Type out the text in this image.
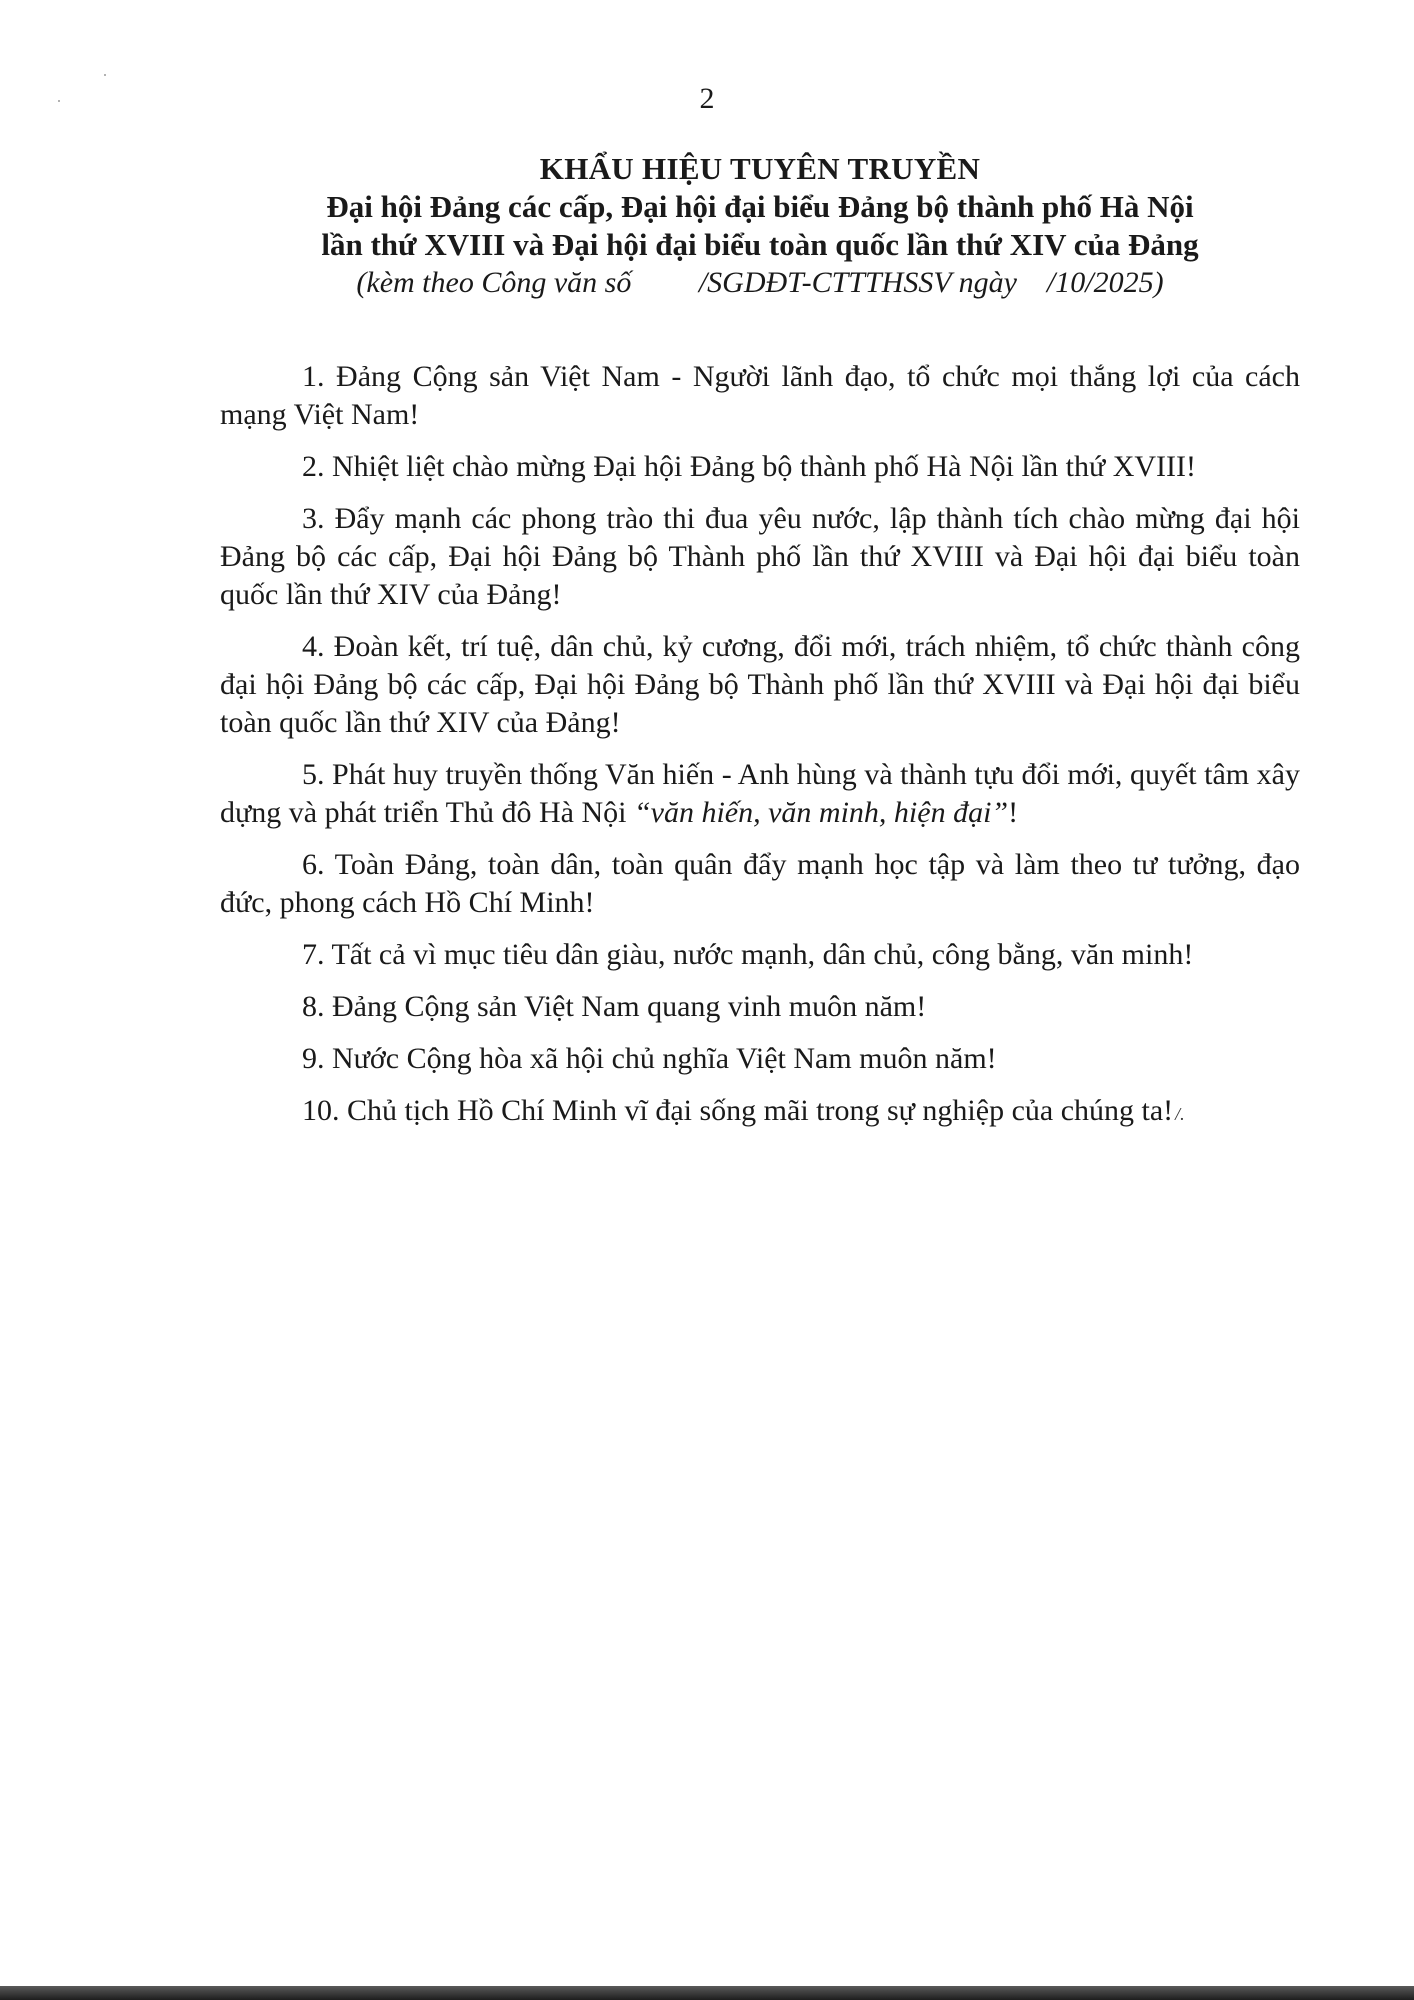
2
KHẨU HIỆU TUYÊN TRUYỀN
Đại hội Đảng các cấp, Đại hội đại biểu Đảng bộ thành phố Hà Nội
lần thứ XVIII và Đại hội đại biểu toàn quốc lần thứ XIV của Đảng
(kèm theo Công văn số         /SGDĐT-CTTTHSSV ngày    /10/2025)

1. Đảng Cộng sản Việt Nam - Người lãnh đạo, tổ chức mọi thắng lợi của cách mạng Việt Nam!

2. Nhiệt liệt chào mừng Đại hội Đảng bộ thành phố Hà Nội lần thứ XVIII!

3. Đẩy mạnh các phong trào thi đua yêu nước, lập thành tích chào mừng đại hội Đảng bộ các cấp, Đại hội Đảng bộ Thành phố lần thứ XVIII và Đại hội đại biểu toàn quốc lần thứ XIV của Đảng!

4. Đoàn kết, trí tuệ, dân chủ, kỷ cương, đổi mới, trách nhiệm, tổ chức thành công đại hội Đảng bộ các cấp, Đại hội Đảng bộ Thành phố lần thứ XVIII và Đại hội đại biểu toàn quốc lần thứ XIV của Đảng!

5. Phát huy truyền thống Văn hiến - Anh hùng và thành tựu đổi mới, quyết tâm xây dựng và phát triển Thủ đô Hà Nội “văn hiến, văn minh, hiện đại”!

6. Toàn Đảng, toàn dân, toàn quân đẩy mạnh học tập và làm theo tư tưởng, đạo đức, phong cách Hồ Chí Minh!

7. Tất cả vì mục tiêu dân giàu, nước mạnh, dân chủ, công bằng, văn minh!

8. Đảng Cộng sản Việt Nam quang vinh muôn năm!

9. Nước Cộng hòa xã hội chủ nghĩa Việt Nam muôn năm!

10. Chủ tịch Hồ Chí Minh vĩ đại sống mãi trong sự nghiệp của chúng ta! /.
